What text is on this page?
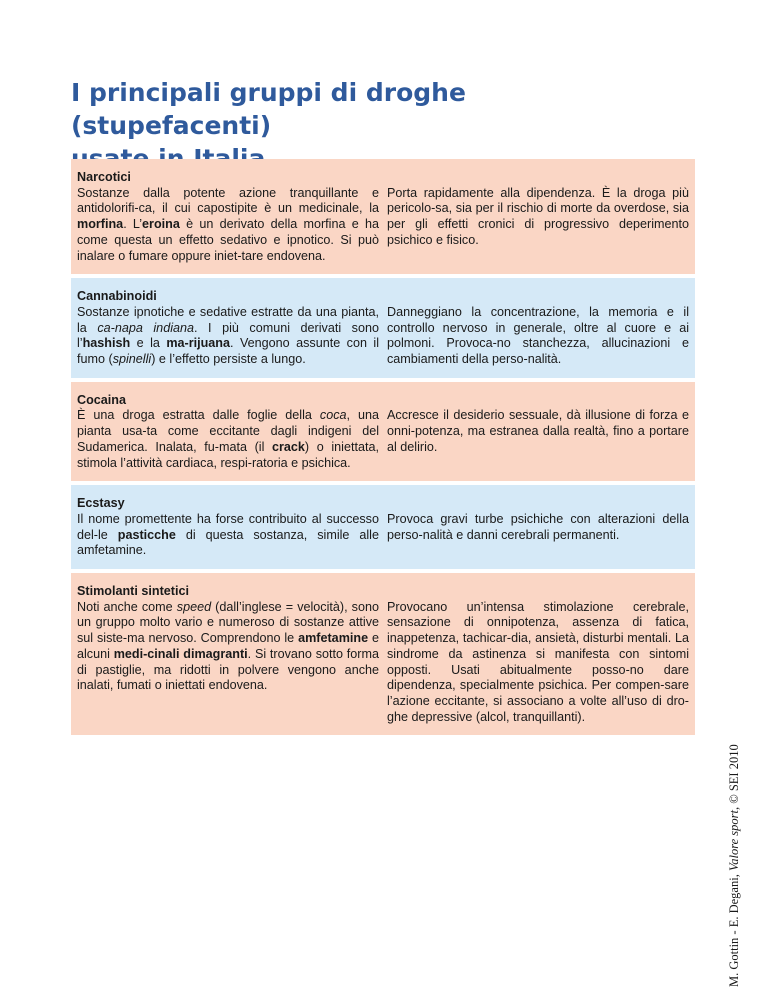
I principali gruppi di droghe (stupefacenti)

Narcotici
Sostanze dalla potente azione tranquillante e antidolorifi-ca, il cui capostipite è un medicinale, la morfina. L’eroina è un derivato della morfina e ha come questa un effetto sedativo e ipnotico. Si può inalare o fumare oppure iniet-tare endovena.

Porta rapidamente alla dipendenza. È la droga più pericolo-sa, sia per il rischio di morte da overdose, sia per gli effetti cronici di progressivo deperimento psichico e fisico.
Cannabinoidi
Sostanze ipnotiche e sedative estratte da una pianta, la ca-napa indiana. I più comuni derivati sono l’hashish e la ma-rijuana. Vengono assunte con il fumo (spinelli) e l’effetto persiste a lungo.

Danneggiano la concentrazione, la memoria e il controllo nervoso in generale, oltre al cuore e ai polmoni. Provoca-no stanchezza, allucinazioni e cambiamenti della perso-nalità.
Cocaina
È una droga estratta dalle foglie della coca, una pianta usa-ta come eccitante dagli indigeni del Sudamerica. Inalata, fu-mata (il crack) o iniettata, stimola l’attività cardiaca, respi-ratoria e psichica.

Accresce il desiderio sessuale, dà illusione di forza e onni-potenza, ma estranea dalla realtà, fino a portare al delirio.
Ecstasy
Il nome promettente ha forse contribuito al successo del-le pasticche di questa sostanza, simile alle amfetamine.

Provoca gravi turbe psichiche con alterazioni della perso-nalità e danni cerebrali permanenti.
Stimolanti sintetici
Noti anche come speed (dall’inglese = velocità), sono un gruppo molto vario e numeroso di sostanze attive sul siste-ma nervoso. Comprendono le amfetamine e alcuni medi-cinali dimagranti. Si trovano sotto forma di pastiglie, ma ridotti in polvere vengono anche inalati, fumati o iniettati endovena.

Provocano un’intensa stimolazione cerebrale, sensazione di onnipotenza, assenza di fatica, inappetenza, tachicar-dia, ansietà, disturbi mentali. La sindrome da astinenza si manifesta con sintomi opposti. Usati abitualmente posso-no dare dipendenza, specialmente psichica. Per compen-sare l’azione eccitante, si associano a volte all’uso di dro-ghe depressive (alcol, tranquillanti).
M. Gottin - E. Degani, Valore sport, © SEI 2010
